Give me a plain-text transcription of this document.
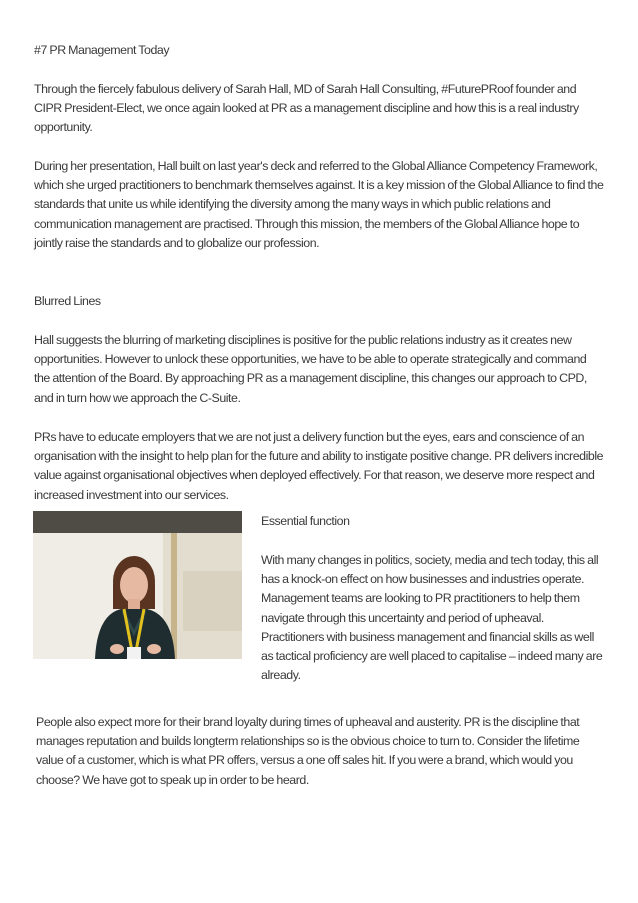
#7 PR Management Today

Through the fiercely fabulous delivery of Sarah Hall, MD of Sarah Hall Consulting, #FuturePRoof founder and CIPR President-Elect, we once again looked at PR as a management discipline and how this is a real industry opportunity.

During her presentation, Hall built on last year's deck and referred to the Global Alliance Competency Framework, which she urged practitioners to benchmark themselves against. It is a key mission of the Global Alliance to find the standards that unite us while identifying the diversity among the many ways in which public relations and communication management are practised. Through this mission, the members of the Global Alliance hope to jointly raise the standards and to globalize our profession.

Blurred Lines

Hall suggests the blurring of marketing disciplines is positive for the public relations industry as it creates new opportunities. However to unlock these opportunities, we have to be able to operate strategically and command the attention of the Board. By approaching PR as a management discipline, this changes our approach to CPD, and in turn how we approach the C-Suite.

PRs have to educate employers that we are not just a delivery function but the eyes, ears and conscience of an organisation with the insight to help plan for the future and ability to instigate positive change. PR delivers incredible value against organisational objectives when deployed effectively. For that reason, we deserve more respect and increased investment into our services.

Essential function

With many changes in politics, society, media and tech today, this all has a knock-on effect on how businesses and industries operate. Management teams are looking to PR practitioners to help them navigate through this uncertainty and period of upheaval. Practitioners with business management and financial skills as well as tactical proficiency are well placed to capitalise – indeed many are already.

People also expect more for their brand loyalty during times of upheaval and austerity. PR is the discipline that manages reputation and builds longterm relationships so is the obvious choice to turn to. Consider the lifetime value of a customer, which is what PR offers, versus a one off sales hit. If you were a brand, which would you choose? We have got to speak up in order to be heard.
